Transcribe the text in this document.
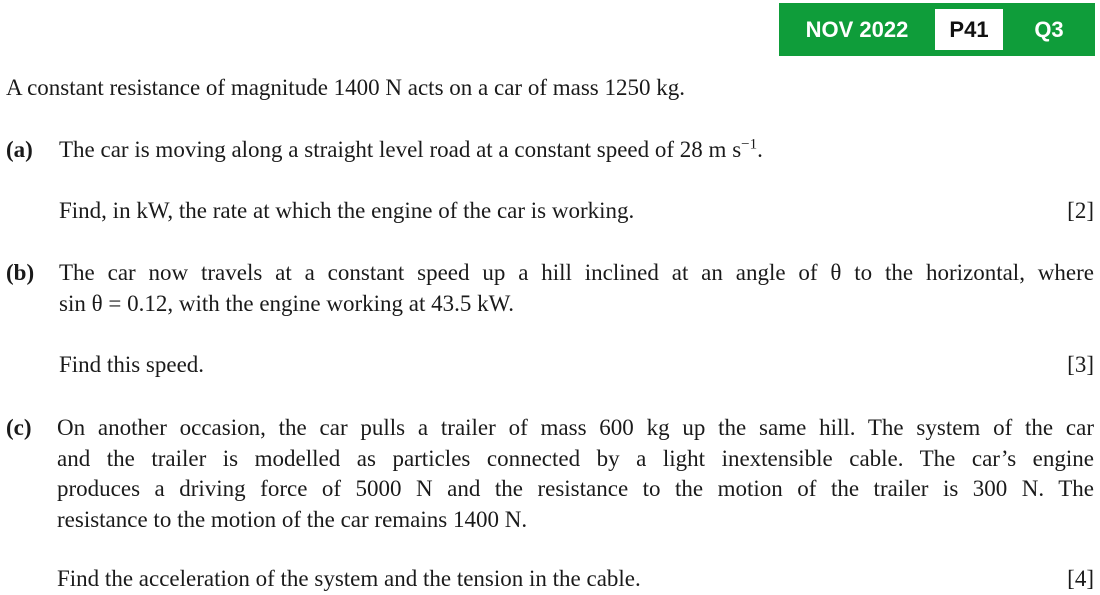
NOV 2022	P41	Q3
A constant resistance of magnitude 1400 N acts on a car of mass 1250 kg.
(a) The car is moving along a straight level road at a constant speed of 28 m $s^{-1}$.
Find, in kW, the rate at which the engine of the car is working.	[2]
(b) The car now travels at a constant speed up a hill inclined at an angle of θ to the horizontal, where
sin θ = 0.12, with the engine working at 43.5 kW.
Find this speed.	[3]
(c) On another occasion, the car pulls a trailer of mass 600 kg up the same hill. The system of the car
and the trailer is modelled as particles connected by a light inextensible cable. The car’s engine
produces a driving force of 5000 N and the resistance to the motion of the trailer is 300 N. The
resistance to the motion of the car remains 1400 N.
Find the acceleration of the system and the tension in the cable.	[4]
